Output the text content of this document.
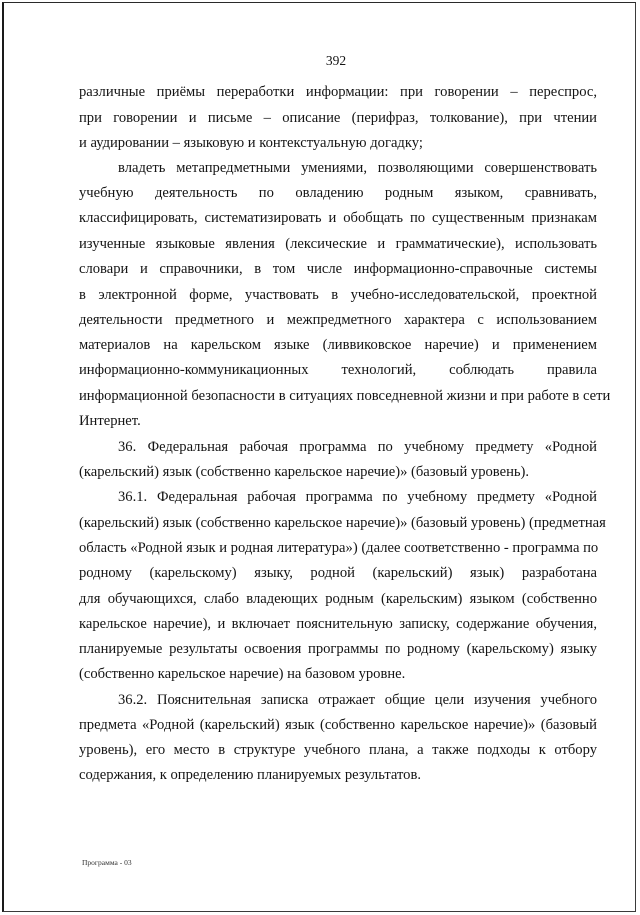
392
различные приёмы переработки информации: при говорении – переспрос,
при говорении и письме – описание (перифраз, толкование), при чтении
и аудировании – языковую и контекстуальную догадку;
владеть метапредметными умениями, позволяющими совершенствовать
учебную деятельность по овладению родным языком, сравнивать,
классифицировать, систематизировать и обобщать по существенным признакам
изученные языковые явления (лексические и грамматические), использовать
словари и справочники, в том числе информационно-справочные системы
в электронной форме, участвовать в учебно-исследовательской, проектной
деятельности предметного и межпредметного характера с использованием
материалов на карельском языке (ливвиковское наречие) и применением
информационно-коммуникационных технологий, соблюдать правила
информационной безопасности в ситуациях повседневной жизни и при работе в сети
Интернет.
36. Федеральная рабочая программа по учебному предмету «Родной
(карельский) язык (собственно карельское наречие)» (базовый уровень).
36.1. Федеральная рабочая программа по учебному предмету «Родной
(карельский) язык (собственно карельское наречие)» (базовый уровень) (предметная
область «Родной язык и родная литература») (далее соответственно - программа по
родному (карельскому) языку, родной (карельский) язык) разработана
для обучающихся, слабо владеющих родным (карельским) языком (собственно
карельское наречие), и включает пояснительную записку, содержание обучения,
планируемые результаты освоения программы по родному (карельскому) языку
(собственно карельское наречие) на базовом уровне.
36.2. Пояснительная записка отражает общие цели изучения учебного
предмета «Родной (карельский) язык (собственно карельское наречие)» (базовый
уровень), его место в структуре учебного плана, а также подходы к отбору
содержания, к определению планируемых результатов.
Программа - 03
